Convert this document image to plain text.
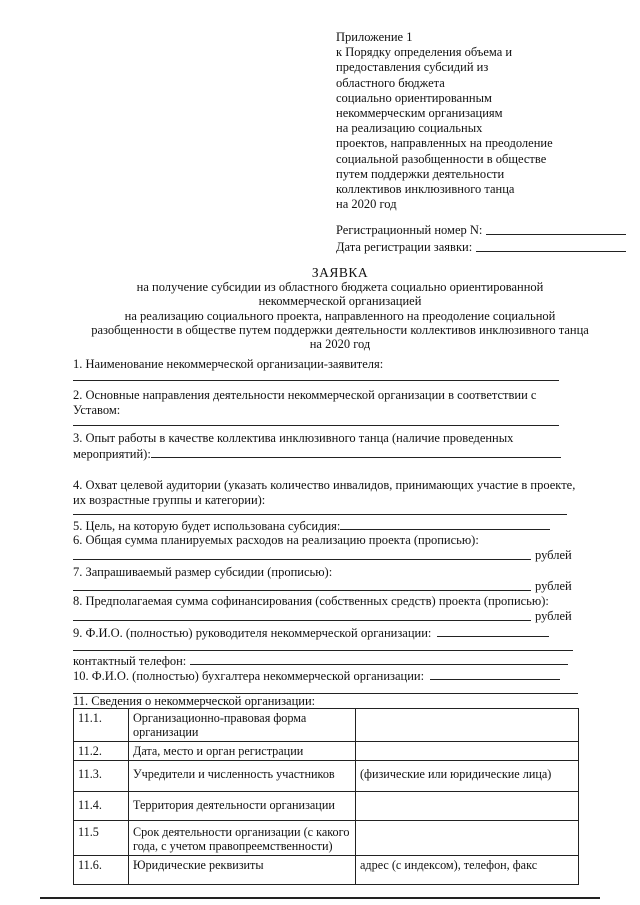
Приложение 1
к Порядку определения объема и
предоставления субсидий из
областного бюджета
социально ориентированным
некоммерческим организациям
на реализацию социальных
проектов, направленных на преодоление
социальной разобщенности в обществе
путем поддержки деятельности
коллективов инклюзивного танца
на 2020 год
Регистрационный номер N:
Дата регистрации заявки:
ЗАЯВКА
на получение субсидии из областного бюджета социально ориентированной
некоммерческой организацией
на реализацию социального проекта, направленного на преодоление социальной
разобщенности в обществе путем поддержки деятельности коллективов инклюзивного танца
на 2020 год
1. Наименование некоммерческой организации-заявителя:
2. Основные направления деятельности некоммерческой организации в соответствии с
Уставом:
3. Опыт работы в качестве коллектива инклюзивного танца (наличие проведенных
мероприятий):
4. Охват целевой аудитории (указать количество инвалидов, принимающих участие в проекте,
их возрастные группы и категории):
5. Цель, на которую будет использована субсидия:
6. Общая сумма планируемых расходов на реализацию проекта (прописью):
рублей
7. Запрашиваемый размер субсидии (прописью):
рублей
8. Предполагаемая сумма софинансирования (собственных средств) проекта (прописью):
рублей
9. Ф.И.О. (полностью) руководителя некоммерческой организации:
контактный телефон:
10. Ф.И.О. (полностью) бухгалтера некоммерческой организации:
11. Сведения о некоммерческой организации:
11.1.	Организационно-правовая форма организации	
11.2.	Дата, место и орган регистрации	
11.3.	Учредители и численность участников	(физические или юридические лица)
11.4.	Территория деятельности организации	
11.5	Срок деятельности организации (с какого года, с учетом правопреемственности)	
11.6.	Юридические реквизиты	адрес (с индексом), телефон, факс
